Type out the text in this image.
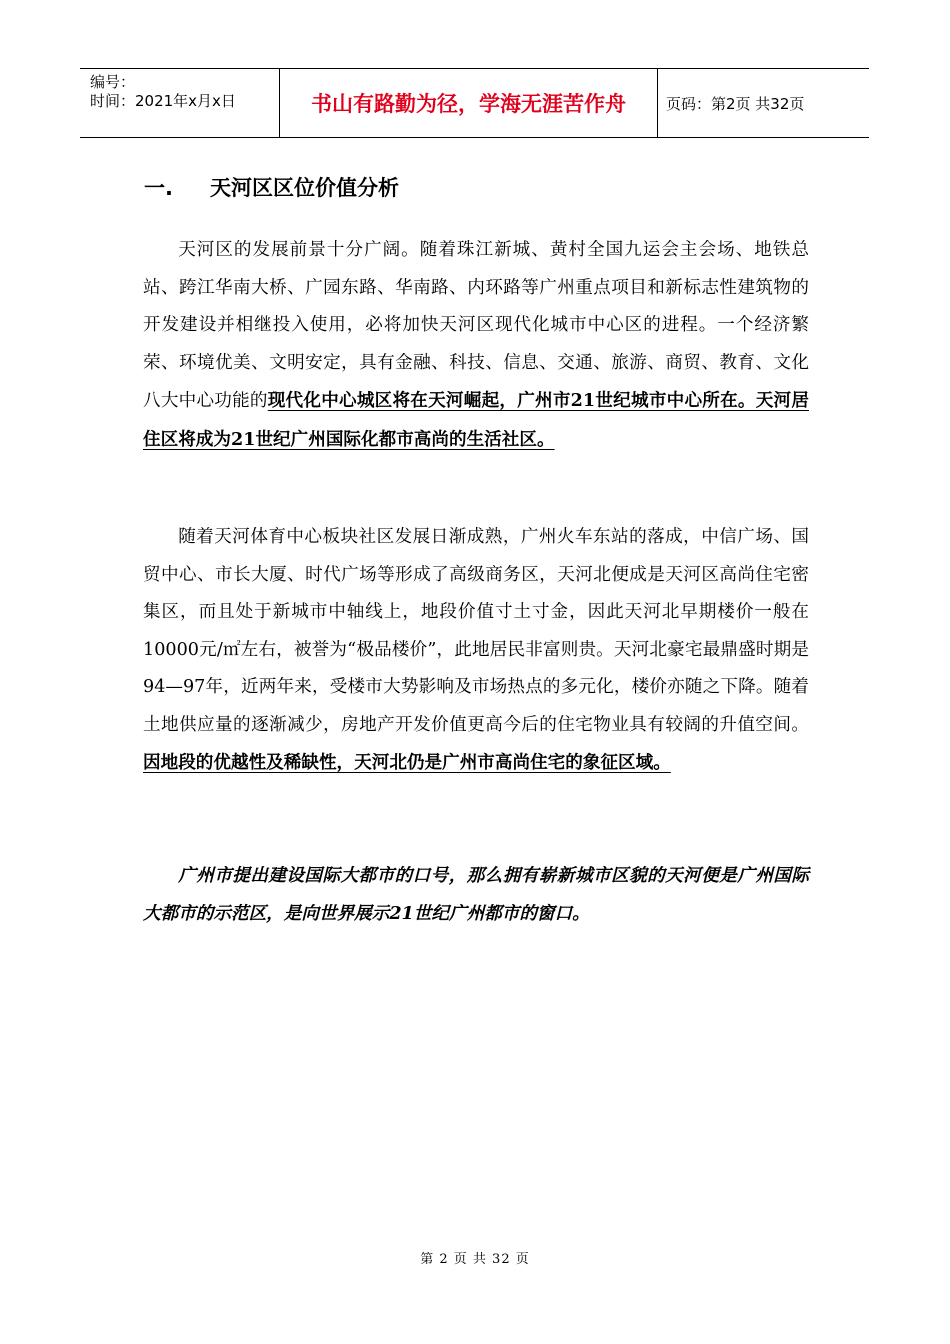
编号：
时间：2021年x月x日	书山有路勤为径，学海无涯苦作舟	页码：第2页 共32页
一. 天河区区位价值分析

天河区的发展前景十分广阔。随着珠江新城、黄村全国九运会主会场、地铁总站、跨江华南大桥、广园东路、华南路、内环路等广州重点项目和新标志性建筑物的开发建设并相继投入使用，必将加快天河区现代化城市中心区的进程。一个经济繁荣、环境优美、文明安定，具有金融、科技、信息、交通、旅游、商贸、教育、文化八大中心功能的现代化中心城区将在天河崛起，广州市21世纪城市中心所在。天河居住区将成为21世纪广州国际化都市高尚的生活社区。

随着天河体育中心板块社区发展日渐成熟，广州火车东站的落成，中信广场、国贸中心、市长大厦、时代广场等形成了高级商务区，天河北便成是天河区高尚住宅密集区，而且处于新城市中轴线上，地段价值寸土寸金，因此天河北早期楼价一般在10000元/㎡左右，被誉为“极品楼价”，此地居民非富则贵。天河北豪宅最鼎盛时期是94—97年，近两年来，受楼市大势影响及市场热点的多元化，楼价亦随之下降。随着土地供应量的逐渐减少，房地产开发价值更高今后的住宅物业具有较阔的升值空间。因地段的优越性及稀缺性，天河北仍是广州市高尚住宅的象征区域。

广州市提出建设国际大都市的口号，那么拥有崭新城市区貌的天河便是广州国际大都市的示范区，是向世界展示21世纪广州都市的窗口。

第 2 页 共 32 页
